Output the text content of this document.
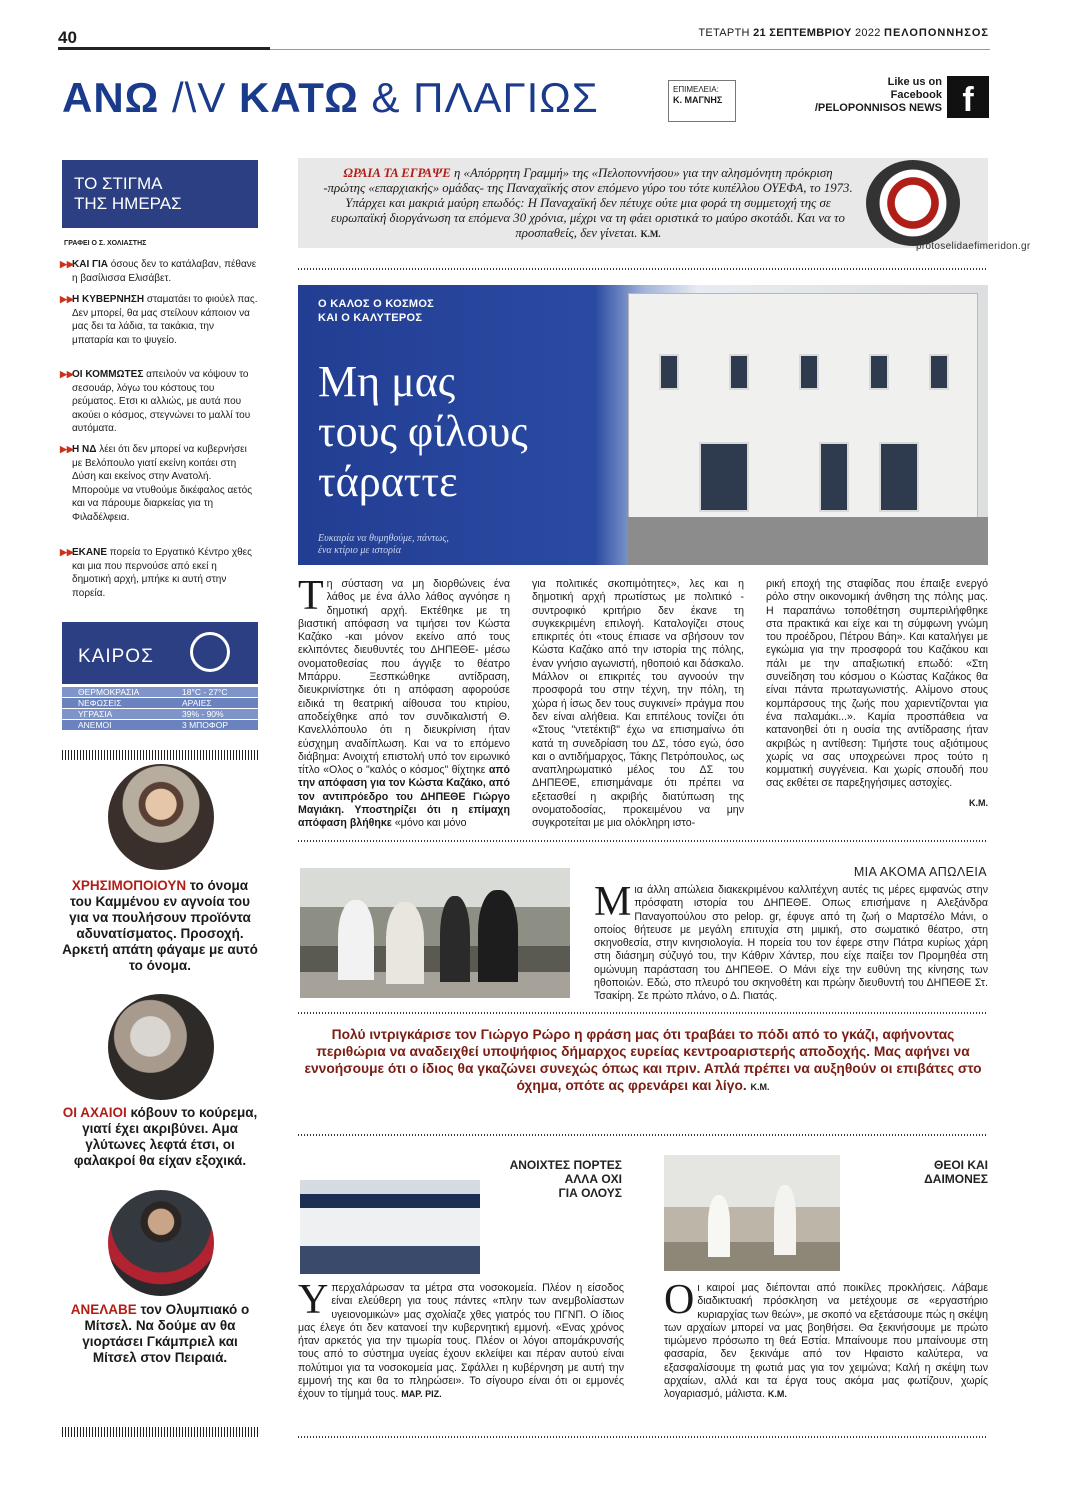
40	ΤΕΤΑΡΤΗ 21 ΣΕΠΤΕΜΒΡΙΟΥ 2022 ΠΕΛΟΠΟΝΝΗΣΟΣ
ΑΝΩ /\V ΚΑΤΩ & ΠΛΑΓΙΩΣ	ΕΠΙΜΕΛΕΙΑ:
Κ. ΜΑΓΝΗΣ
Like us on
Facebook
/PELOPONNISOS NEWS f
ΤΟ ΣΤΙΓΜΑ
ΤΗΣ ΗΜΕΡΑΣ
ΓΡΑΦΕΙ Ο Σ. ΧΟΛΙΑΣΤΗΣ
▶▶
ΚΑΙ ΓΙΑ όσους δεν το κατάλαβαν, πέθανε η βασίλισσα Ελισάβετ.
▶▶
Η ΚΥΒΕΡΝΗΣΗ σταματάει το φιούελ πας. Δεν μπορεί, θα μας στείλουν κάποιον να μας δει τα λάδια, τα τακάκια, την μπαταρία και το ψυγείο.
▶▶
ΟΙ ΚΟΜΜΩΤΕΣ απειλούν να κόψουν το σεσουάρ, λόγω του κόστους του ρεύματος. Ετσι κι αλλιώς, με αυτά που ακούει ο κόσμος, στεγνώνει το μαλλί του αυτόματα.
▶▶
Η ΝΔ λέει ότι δεν μπορεί να κυβερνήσει με Βελόπουλο γιατί εκείνη κοιτάει στη Δύση και εκείνος στην Ανατολή. Μπορούμε να ντυθούμε δικέφαλος αετός και να πάρουμε διαρκείας για τη Φιλαδέλφεια.
▶▶
ΕΚΑΝΕ πορεία το Εργατικό Κέντρο χθες και μια που περνούσε από εκεί η δημοτική αρχή, μπήκε κι αυτή στην πορεία.
ΚΑΙΡΟΣ
ΘΕΡΜΟΚΡΑΣΙΑ	18°C - 27°C
ΝΕΦΩΣΕΙΣ	ΑΡΑΙΕΣ
ΥΓΡΑΣΙΑ	39% - 90%
ΑΝΕΜΟΙ	3 ΜΠΟΦΟΡ
ΧΡΗΣΙΜΟΠΟΙΟΥΝ το όνομα του Καμμένου εν αγνοία του για να πουλήσουν προϊόντα αδυνατίσματος. Προσοχή. Αρκετή απάτη φάγαμε με αυτό το όνομα.
ΟΙ ΑΧΑΙΟΙ κόβουν το κούρεμα, γιατί έχει ακριβύνει. Αμα γλύτωνες λεφτά έτσι, οι φαλακροί θα είχαν εξοχικά.
ΑΝΕΛΑΒΕ τον Ολυμπιακό ο Μίτσελ. Να δούμε αν θα γιορτάσει Γκάμπριελ και Μίτσελ στον Πειραιά.
ΩΡΑΙΑ ΤΑ ΕΓΡΑΨΕ η «Απόρρητη Γραμμή» της «Πελοποννήσου» για την αλησμόνητη πρόκριση -πρώτης «επαρχιακής» ομάδας- της Παναχαϊκής στον επόμενο γύρο του τότε κυπέλλου ΟΥΕΦΑ, το 1973. Υπάρχει και μακριά μαύρη επωδός: Η Παναχαϊκή δεν πέτυχε ούτε μια φορά τη συμμετοχή της σε ευρωπαϊκή διοργάνωση τα επόμενα 30 χρόνια, μέχρι να τη φάει οριστικά το μαύρο σκοτάδι. Και να το προσπαθείς, δεν γίνεται. Κ.Μ.
protoselidaefimeridon.gr
Ο ΚΑΛΟΣ Ο ΚΟΣΜΟΣ
ΚΑΙ Ο ΚΑΛΥΤΕΡΟΣ
Μη μας
τους φίλους
τάραττε
Ευκαιρία να θυμηθούμε, πάντως,
ένα κτίριο με ιστορία
Τη σύσταση να μη διορθώνεις ένα λάθος με ένα άλλο λάθος αγνόησε η δημοτική αρχή. Εκτέθηκε με τη βιαστική απόφαση να τιμήσει τον Κώστα Καζάκο -και μόνον εκείνο από τους εκλιπόντες διευθυντές του ΔΗΠΕΘΕ- μέσω ονοματοθεσίας που άγγιξε το θέατρο Μπάρρυ. Ξεσπκώθηκε αντίδραση, διευκρινίστηκε ότι η απόφαση αφορούσε ειδικά τη θεατρική αίθουσα του κτιρίου, αποδείχθηκε από τον συνδικαλιστή Θ. Κανελλόπουλο ότι η διευκρίνιση ήταν εύσχημη αναδίπλωση. Και να το επόμενο διάβημα: Ανοιχτή επιστολή υπό τον ειρωνικό τίτλο «Ολος ο "καλός ο κόσμος" θίχτηκε από την απόφαση για τον Κώστα Καζάκο, από τον αντιπρόεδρο του ΔΗΠΕΘΕ Γιώργο Μαγιάκη. Υποστηρίζει ότι η επίμαχη απόφαση βλήθηκε «μόνο και μόνο
για πολιτικές σκοπιμότητες», λες και η δημοτική αρχή πρωτίστως με πολιτικό - συντροφικό κριτήριο δεν έκανε τη συγκεκριμένη επιλογή. Καταλογίζει στους επικριτές ότι «τους έπιασε να σβήσουν τον Κώστα Καζάκο από την ιστορία της πόλης, έναν γνήσιο αγωνιστή, ηθοποιό και δάσκαλο. Μάλλον οι επικριτές του αγνοούν την προσφορά του στην τέχνη, την πόλη, τη χώρα ή ίσως δεν τους συγκινεί» πράγμα που δεν είναι αλήθεια. Και επιτέλους τονίζει ότι «Στους "ντετέκτιβ" έχω να επισημαίνω ότι κατά τη συνεδρίαση του ΔΣ, τόσο εγώ, όσο και ο αντιδήμαρχος, Τάκης Πετρόπουλος, ως αναπληρωματικό μέλος του ΔΣ του ΔΗΠΕΘΕ, επισημάναμε ότι πρέπει να εξετασθεί η ακριβής διατύπωση της ονοματοδοσίας, προκειμένου να μην συγκροτείται με μια ολόκληρη ιστο-
ρική εποχή της σταφίδας που έπαιξε ενεργό ρόλο στην οικονομική άνθηση της πόλης μας. Η παραπάνω τοποθέτηση συμπεριλήφθηκε στα πρακτικά και είχε και τη σύμφωνη γνώμη του προέδρου, Πέτρου Βάη». Και καταλήγει με εγκώμια για την προσφορά του Καζάκου και πάλι με την απαξιωτική επωδό: «Στη συνείδηση του κόσμου ο Κώστας Καζάκος θα είναι πάντα πρωταγωνιστής. Αλίμονο στους κομπάρσους της ζωής που χαριεντίζονται για ένα παλαμάκι...». Καμία προσπάθεια να κατανοηθεί ότι η ουσία της αντίδρασης ήταν ακριβώς η αντίθεση: Τιμήστε τους αξιότιμους χωρίς να σας υποχρεώνει προς τούτο η κομματική συγγένεια. Και χωρίς σπουδή που σας εκθέτει σε παρεξηγήσιμες αστοχίες.
Κ.Μ.
ΜΙΑ ΑΚΟΜΑ ΑΠΩΛΕΙΑ
Μια άλλη απώλεια διακεκριμένου καλλιτέχνη αυτές τις μέρες εμφανώς στην πρόσφατη ιστορία του ΔΗΠΕΘΕ. Οπως επισήμανε η Αλεξάνδρα Παναγοπούλου στο pelop. gr, έφυγε από τη ζωή ο Μαρτσέλο Μάνι, ο οποίος θήτευσε με μεγάλη επιτυχία στη μιμική, στο σωματικό θέατρο, στη σκηνοθεσία, στην κινησιολογία. Η πορεία του τον έφερε στην Πάτρα κυρίως χάρη στη διάσημη σύζυγό του, την Κάθριν Χάντερ, που είχε παίξει τον Προμηθέα στη ομώνυμη παράσταση του ΔΗΠΕΘΕ. Ο Μάνι είχε την ευθύνη της κίνησης των ηθοποιών. Εδώ, στο πλευρό του σκηνοθέτη και πρώην διευθυντή του ΔΗΠΕΘΕ Στ. Τσακίρη. Σε πρώτο πλάνο, ο Δ. Πιατάς.
Πολύ ιντριγκάρισε τον Γιώργο Ρώρο η φράση μας ότι τραβάει το πόδι από το γκάζι, αφήνοντας περιθώρια να αναδειχθεί υποψήφιος δήμαρχος ευρείας κεντροαριστερής αποδοχής. Μας αφήνει να εννοήσουμε ότι ο ίδιος θα γκαζώνει συνεχώς όπως και πριν. Απλά πρέπει να αυξηθούν οι επιβάτες στο όχημα, οπότε ας φρενάρει και λίγο. Κ.Μ.
ΑΝΟΙΧΤΕΣ ΠΟΡΤΕΣ
ΑΛΛΑ ΟΧΙ
ΓΙΑ ΟΛΟΥΣ
Υπερχαλάρωσαν τα μέτρα στα νοσοκομεία. Πλέον η είσοδος είναι ελεύθερη για τους πάντες «πλην των ανεμβολίαστων υγειονομικών» μας σχολίαζε χθες γιατρός του ΠΓΝΠ. Ο ίδιος μας έλεγε ότι δεν κατανοεί την κυβερνητική εμμονή. «Ενας χρόνος ήταν αρκετός για την τιμωρία τους. Πλέον οι λόγοι απομάκρυνσής τους από το σύστημα υγείας έχουν εκλείψει και πέραν αυτού είναι πολύτιμοι για τα νοσοκομεία μας. Σφάλλει η κυβέρνηση με αυτή την εμμονή της και θα το πληρώσει». Το σίγουρο είναι ότι οι εμμονές έχουν το τίμημά τους. ΜΑΡ. ΡΙΖ.
ΘΕΟΙ ΚΑΙ
ΔΑΙΜΟΝΕΣ
Οι καιροί μας διέπονται από ποικίλες προκλήσεις. Λάβαμε διαδικτυακή πρόσκληση να μετέχουμε σε «εργαστήριο κυριαρχίας των θεών», με σκοπό να εξετάσουμε πώς η σκέψη των αρχαίων μπορεί να μας βοηθήσει. Θα ξεκινήσουμε με πρώτο τιμώμενο πρόσωπο τη θεά Εστία. Μπαίνουμε που μπαίνουμε στη φασαρία, δεν ξεκινάμε από τον Ηφαιστο καλύτερα, να εξασφαλίσουμε τη φωτιά μας για τον χειμώνα; Καλή η σκέψη των αρχαίων, αλλά και τα έργα τους ακόμα μας φωτίζουν, χωρίς λογαριασμό, μάλιστα. Κ.Μ.
